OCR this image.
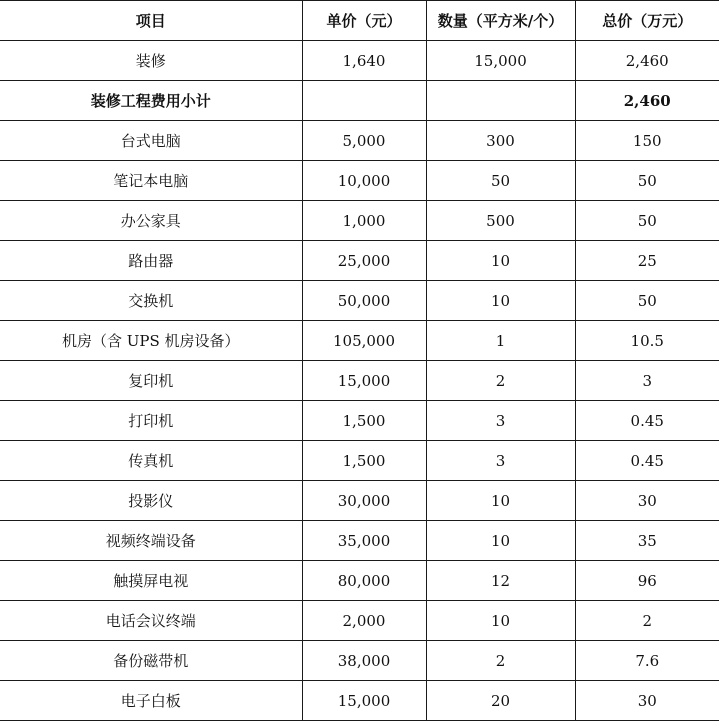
项目	单价（元）	数量（平方米/个）	总价（万元）
装修	1,640	15,000	2,460
装修工程费用小计			2,460
台式电脑	5,000	300	150
笔记本电脑	10,000	50	50
办公家具	1,000	500	50
路由器	25,000	10	25
交换机	50,000	10	50
机房（含 UPS 机房设备）	105,000	1	10.5
复印机	15,000	2	3
打印机	1,500	3	0.45
传真机	1,500	3	0.45
投影仪	30,000	10	30
视频终端设备	35,000	10	35
触摸屏电视	80,000	12	96
电话会议终端	2,000	10	2
备份磁带机	38,000	2	7.6
电子白板	15,000	20	30
